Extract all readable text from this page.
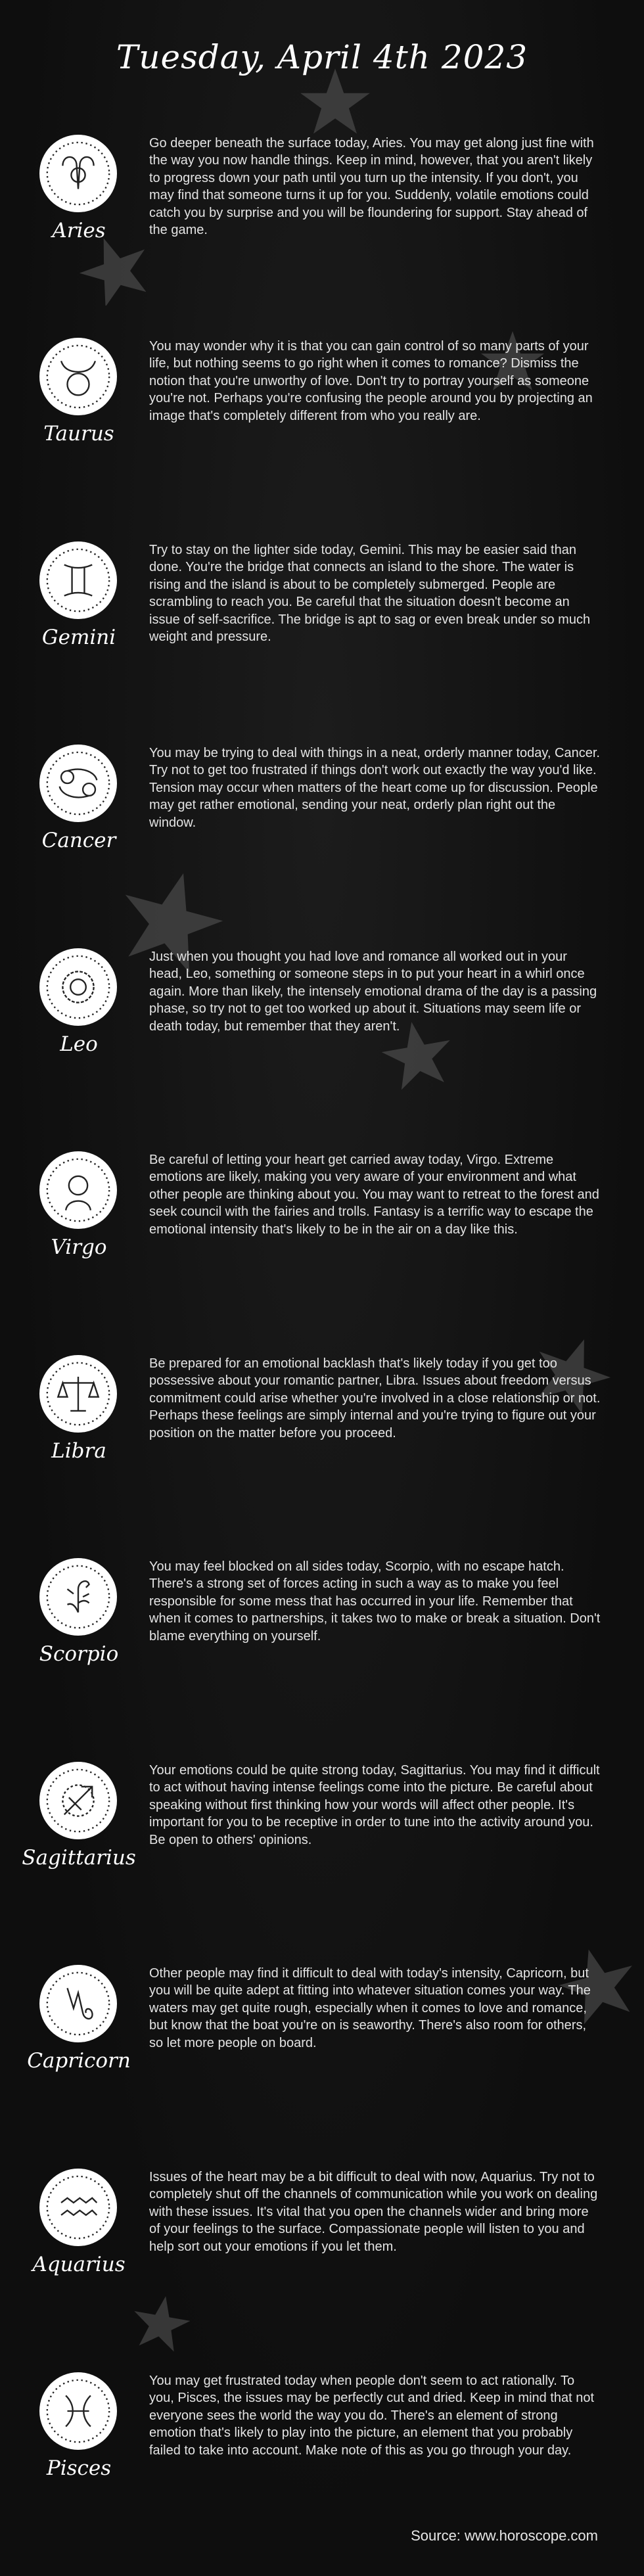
Tuesday, April 4th 2023
Aries

Go deeper beneath the surface today, Aries. You may get along just fine with the way you now handle things. Keep in mind, however, that you aren't likely to progress down your path until you turn up the intensity. If you don't, you may find that someone turns it up for you. Suddenly, volatile emotions could catch you by surprise and you will be floundering for support. Stay ahead of the game.

Taurus

You may wonder why it is that you can gain control of so many parts of your life, but nothing seems to go right when it comes to romance? Dismiss the notion that you're unworthy of love. Don't try to portray yourself as someone you're not. Perhaps you're confusing the people around you by projecting an image that's completely different from who you really are.

Gemini

Try to stay on the lighter side today, Gemini. This may be easier said than done. You're the bridge that connects an island to the shore. The water is rising and the island is about to be completely submerged. People are scrambling to reach you. Be careful that the situation doesn't become an issue of self-sacrifice. The bridge is apt to sag or even break under so much weight and pressure.

Cancer

You may be trying to deal with things in a neat, orderly manner today, Cancer. Try not to get too frustrated if things don't work out exactly the way you'd like. Tension may occur when matters of the heart come up for discussion. People may get rather emotional, sending your neat, orderly plan right out the window.

Leo

Just when you thought you had love and romance all worked out in your head, Leo, something or someone steps in to put your heart in a whirl once again. More than likely, the intensely emotional drama of the day is a passing phase, so try not to get too worked up about it. Situations may seem life or death today, but remember that they aren't.

Virgo

Be careful of letting your heart get carried away today, Virgo. Extreme emotions are likely, making you very aware of your environment and what other people are thinking about you. You may want to retreat to the forest and seek council with the fairies and trolls. Fantasy is a terrific way to escape the emotional intensity that's likely to be in the air on a day like this.

Libra

Be prepared for an emotional backlash that's likely today if you get too possessive about your romantic partner, Libra. Issues about freedom versus commitment could arise whether you're involved in a close relationship or not. Perhaps these feelings are simply internal and you're trying to figure out your position on the matter before you proceed.

Scorpio

You may feel blocked on all sides today, Scorpio, with no escape hatch. There's a strong set of forces acting in such a way as to make you feel responsible for some mess that has occurred in your life. Remember that when it comes to partnerships, it takes two to make or break a situation. Don't blame everything on yourself.

Sagittarius

Your emotions could be quite strong today, Sagittarius. You may find it difficult to act without having intense feelings come into the picture. Be careful about speaking without first thinking how your words will affect other people. It's important for you to be receptive in order to tune into the activity around you. Be open to others' opinions.

Capricorn

Other people may find it difficult to deal with today's intensity, Capricorn, but you will be quite adept at fitting into whatever situation comes your way. The waters may get quite rough, especially when it comes to love and romance, but know that the boat you're on is seaworthy. There's also room for others, so let more people on board.

Aquarius

Issues of the heart may be a bit difficult to deal with now, Aquarius. Try not to completely shut off the channels of communication while you work on dealing with these issues. It's vital that you open the channels wider and bring more of your feelings to the surface. Compassionate people will listen to you and help sort out your emotions if you let them.

Pisces

You may get frustrated today when people don't seem to act rationally. To you, Pisces, the issues may be perfectly cut and dried. Keep in mind that not everyone sees the world the way you do. There's an element of strong emotion that's likely to play into the picture, an element that you probably failed to take into account. Make note of this as you go through your day.

Source: www.horoscope.com
